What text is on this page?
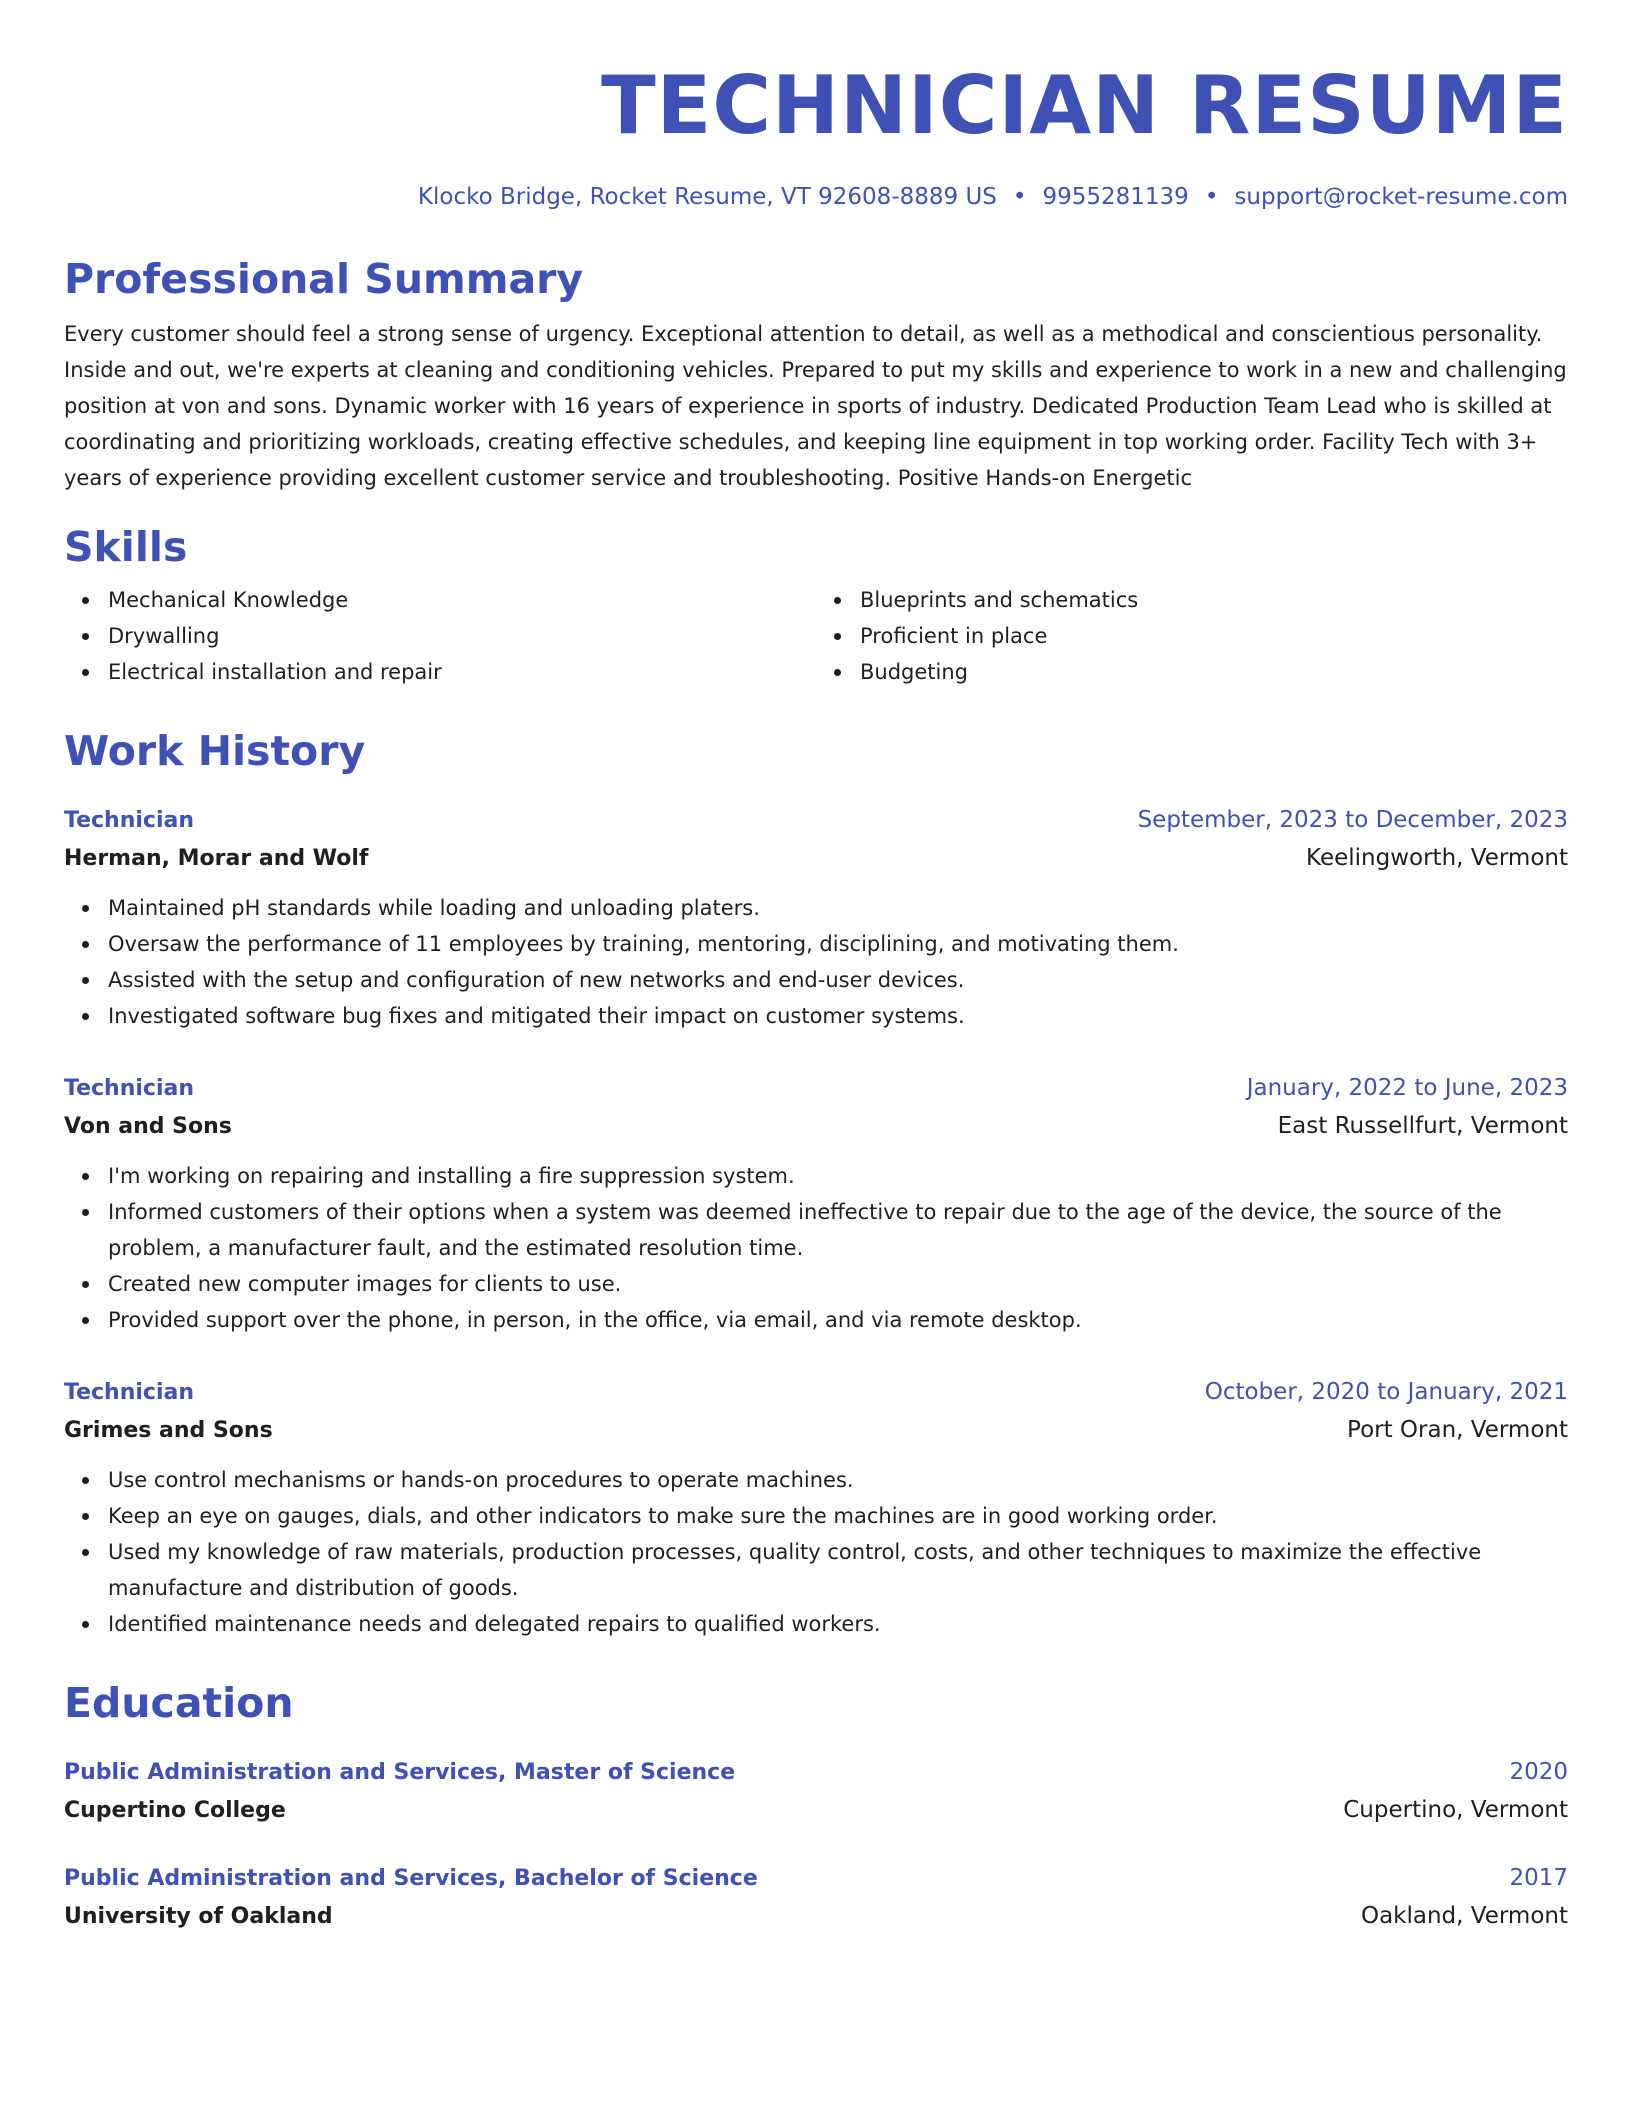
TECHNICIAN RESUME
Klocko Bridge, Rocket Resume, VT 92608-8889 US • 9955281139 • support@rocket-resume.com
Professional Summary
Every customer should feel a strong sense of urgency. Exceptional attention to detail, as well as a methodical and conscientious personality. Inside and out, we're experts at cleaning and conditioning vehicles. Prepared to put my skills and experience to work in a new and challenging position at von and sons. Dynamic worker with 16 years of experience in sports of industry. Dedicated Production Team Lead who is skilled at coordinating and prioritizing workloads, creating effective schedules, and keeping line equipment in top working order. Facility Tech with 3+ years of experience providing excellent customer service and troubleshooting. Positive Hands-on Energetic
Skills
Mechanical Knowledge
Drywalling
Electrical installation and repair
Blueprints and schematics
Proficient in place
Budgeting
Work History
Technician	September, 2023 to December, 2023
Herman, Morar and Wolf	Keelingworth, Vermont
Maintained pH standards while loading and unloading platers.
Oversaw the performance of 11 employees by training, mentoring, disciplining, and motivating them.
Assisted with the setup and configuration of new networks and end-user devices.
Investigated software bug fixes and mitigated their impact on customer systems.
Technician	January, 2022 to June, 2023
Von and Sons	East Russellfurt, Vermont
I'm working on repairing and installing a fire suppression system.
Informed customers of their options when a system was deemed ineffective to repair due to the age of the device, the source of the problem, a manufacturer fault, and the estimated resolution time.
Created new computer images for clients to use.
Provided support over the phone, in person, in the office, via email, and via remote desktop.
Technician	October, 2020 to January, 2021
Grimes and Sons	Port Oran, Vermont
Use control mechanisms or hands-on procedures to operate machines.
Keep an eye on gauges, dials, and other indicators to make sure the machines are in good working order.
Used my knowledge of raw materials, production processes, quality control, costs, and other techniques to maximize the effective manufacture and distribution of goods.
Identified maintenance needs and delegated repairs to qualified workers.
Education
Public Administration and Services, Master of Science	2020
Cupertino College	Cupertino, Vermont
Public Administration and Services, Bachelor of Science	2017
University of Oakland	Oakland, Vermont
